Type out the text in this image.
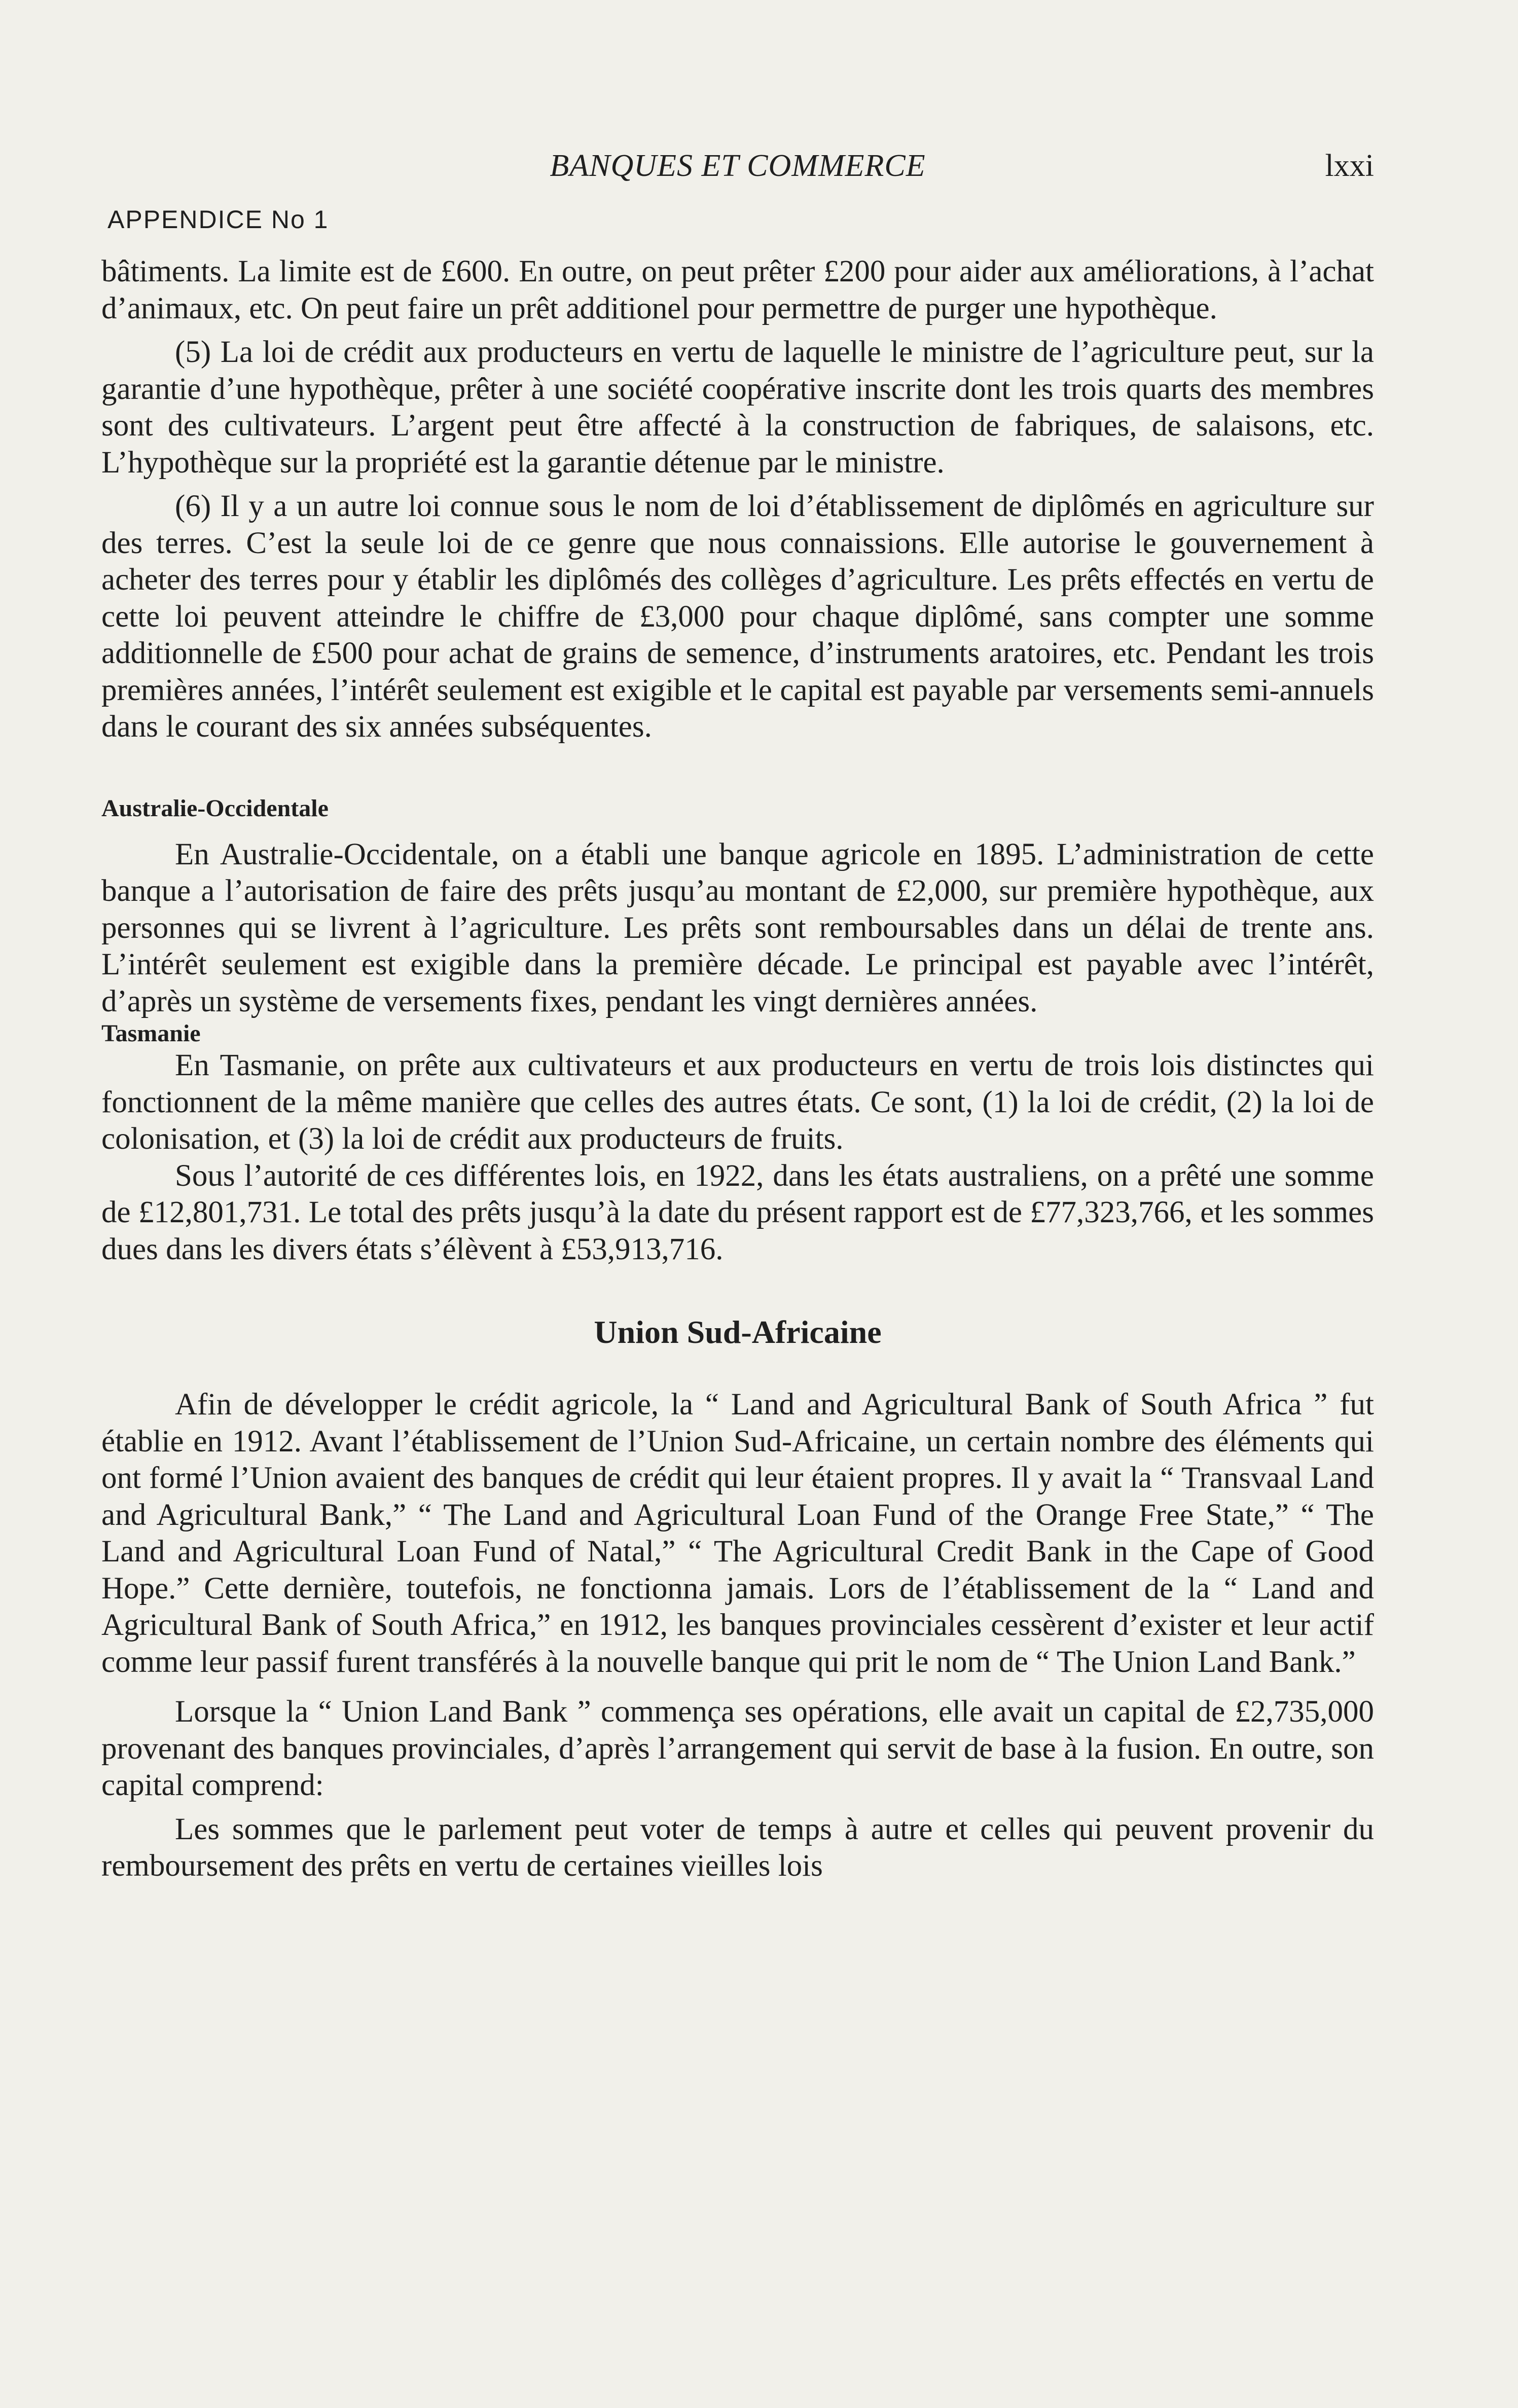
BANQUES ET COMMERCE	lxxi
APPENDICE No 1

bâtiments. La limite est de £600. En outre, on peut prêter £200 pour aider aux améliorations, à l’achat d’animaux, etc. On peut faire un prêt additionel pour permettre de purger une hypothèque.

(5) La loi de crédit aux producteurs en vertu de laquelle le ministre de l’agriculture peut, sur la garantie d’une hypothèque, prêter à une société coopérative inscrite dont les trois quarts des membres sont des cultivateurs. L’argent peut être affecté à la construction de fabriques, de salaisons, etc. L’hypothèque sur la propriété est la garantie détenue par le ministre.

(6) Il y a un autre loi connue sous le nom de loi d’établissement de diplômés en agriculture sur des terres. C’est la seule loi de ce genre que nous connaissions. Elle autorise le gouvernement à acheter des terres pour y établir les diplômés des collèges d’agriculture. Les prêts effectés en vertu de cette loi peuvent atteindre le chiffre de £3,000 pour chaque diplômé, sans compter une somme additionnelle de £500 pour achat de grains de semence, d’instruments aratoires, etc. Pendant les trois premières années, l’intérêt seulement est exigible et le capital est payable par versements semi-annuels dans le courant des six années subséquentes.

Australie-Occidentale

En Australie-Occidentale, on a établi une banque agricole en 1895. L’administration de cette banque a l’autorisation de faire des prêts jusqu’au montant de £2,000, sur première hypothèque, aux personnes qui se livrent à l’agriculture. Les prêts sont remboursables dans un délai de trente ans. L’intérêt seulement est exigible dans la première décade. Le principal est payable avec l’intérêt, d’après un système de versements fixes, pendant les vingt dernières années.

Tasmanie

En Tasmanie, on prête aux cultivateurs et aux producteurs en vertu de trois lois distinctes qui fonctionnent de la même manière que celles des autres états. Ce sont, (1) la loi de crédit, (2) la loi de colonisation, et (3) la loi de crédit aux producteurs de fruits.

Sous l’autorité de ces différentes lois, en 1922, dans les états australiens, on a prêté une somme de £12,801,731. Le total des prêts jusqu’à la date du présent rapport est de £77,323,766, et les sommes dues dans les divers états s’élèvent à £53,913,716.

Union Sud-Africaine

Afin de développer le crédit agricole, la “ Land and Agricultural Bank of South Africa ” fut établie en 1912. Avant l’établissement de l’Union Sud-Africaine, un certain nombre des éléments qui ont formé l’Union avaient des banques de crédit qui leur étaient propres. Il y avait la “ Transvaal Land and Agricultural Bank,” “ The Land and Agricultural Loan Fund of the Orange Free State,” “ The Land and Agricultural Loan Fund of Natal,” “ The Agricultural Credit Bank in the Cape of Good Hope.” Cette dernière, toutefois, ne fonctionna jamais. Lors de l’établissement de la “ Land and Agricultural Bank of South Africa,” en 1912, les banques provinciales cessèrent d’exister et leur actif comme leur passif furent transférés à la nouvelle banque qui prit le nom de “ The Union Land Bank.”

Lorsque la “ Union Land Bank ” commença ses opérations, elle avait un capital de £2,735,000 provenant des banques provinciales, d’après l’arrangement qui servit de base à la fusion. En outre, son capital comprend:

Les sommes que le parlement peut voter de temps à autre et celles qui peuvent provenir du remboursement des prêts en vertu de certaines vieilles lois
